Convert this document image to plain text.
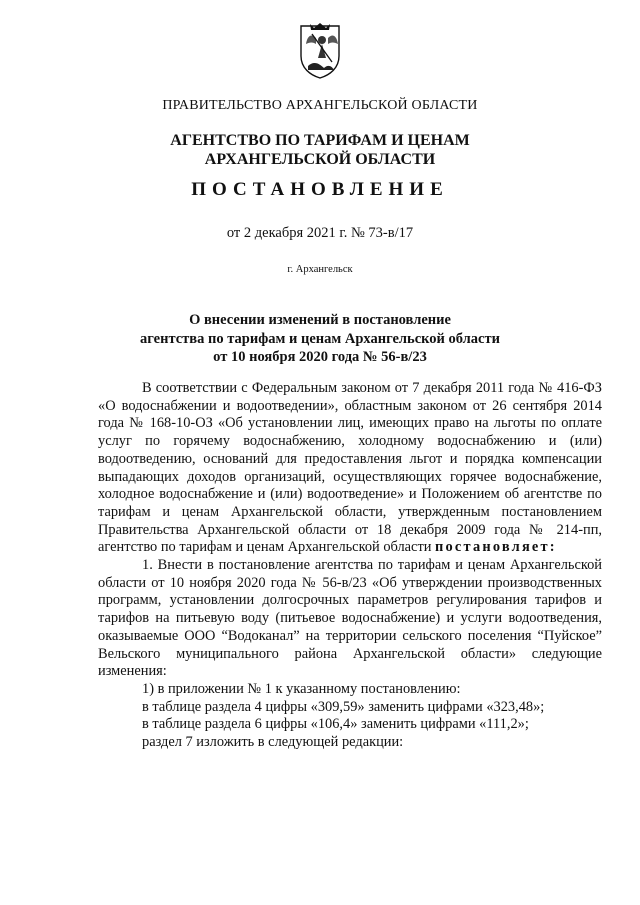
ПРАВИТЕЛЬСТВО АРХАНГЕЛЬСКОЙ ОБЛАСТИ
АГЕНТСТВО ПО ТАРИФАМ И ЦЕНАМ
АРХАНГЕЛЬСКОЙ ОБЛАСТИ
ПОСТАНОВЛЕНИЕ
от 2 декабря 2021 г. № 73-в/17
г. Архангельск
О внесении изменений в постановление
агентства по тарифам и ценам Архангельской области
от 10 ноября 2020 года № 56-в/23

В соответствии с Федеральным законом от 7 декабря 2011 года № 416-ФЗ «О водоснабжении и водоотведении», областным законом от 26 сентября 2014 года № 168-10-ОЗ «Об установлении лиц, имеющих право на льготы по оплате услуг по горячему водоснабжению, холодному водоснабжению и (или) водоотведению, оснований для предоставления льгот и порядка компенсации выпадающих доходов организаций, осуществляющих горячее водоснабжение, холодное водоснабжение и (или) водоотведение» и Положением об агентстве по тарифам и ценам Архангельской области, утвержденным постановлением Правительства Архангельской области от 18 декабря 2009 года № 214-пп, агентство по тарифам и ценам Архангельской области постановляет:

1. Внести в постановление агентства по тарифам и ценам Архангельской области от 10 ноября 2020 года № 56-в/23 «Об утверждении производственных программ, установлении долгосрочных параметров регулирования тарифов и тарифов на питьевую воду (питьевое водоснабжение) и услуги водоотведения, оказываемые ООО “Водоканал” на территории сельского поселения “Пуйское” Вельского муниципального района Архангельской области» следующие изменения:

1) в приложении № 1 к указанному постановлению:

в таблице раздела 4 цифры «309,59» заменить цифрами «323,48»;

в таблице раздела 6 цифры «106,4» заменить цифрами «111,2»;

раздел 7 изложить в следующей редакции:
